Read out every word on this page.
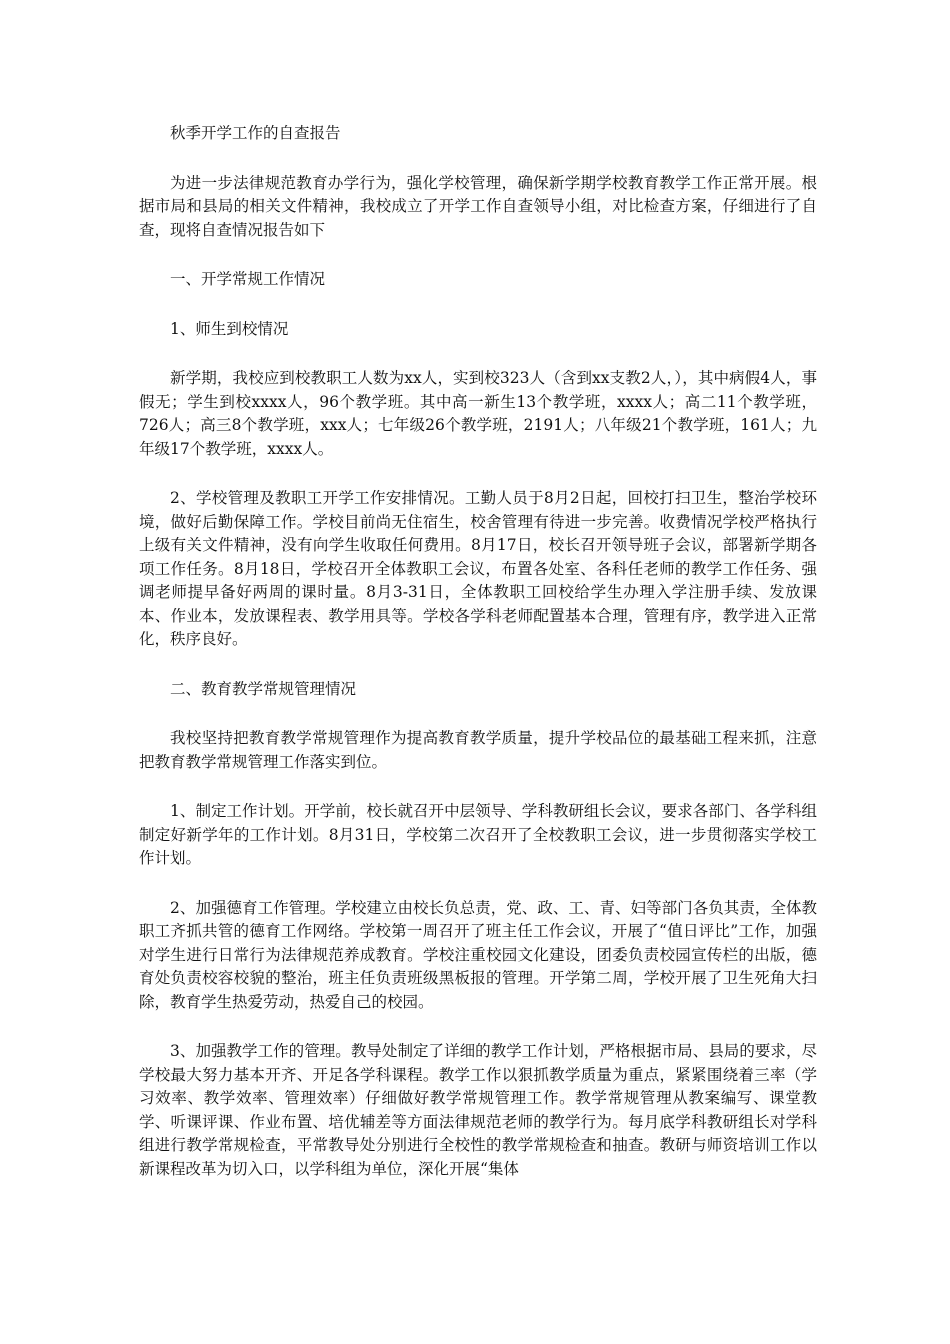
秋季开学工作的自查报告

为进一步法律规范教育办学行为，强化学校管理，确保新学期学校教育教学工作正常开展。根据市局和县局的相关文件精神，我校成立了开学工作自查领导小组，对比检查方案，仔细进行了自查，现将自查情况报告如下

一、开学常规工作情况

1、师生到校情况

新学期，我校应到校教职工人数为xx人，实到校323人（含到xx支教2人，），其中病假4人，事假无；学生到校xxxx人，96个教学班。其中高一新生13个教学班，xxxx人；高二11个教学班，726人；高三8个教学班，xxx人；七年级26个教学班，2191人；八年级21个教学班，161人；九年级17个教学班，xxxx人。

2、学校管理及教职工开学工作安排情况。工勤人员于8月2日起，回校打扫卫生，整治学校环境，做好后勤保障工作。学校目前尚无住宿生，校舍管理有待进一步完善。收费情况学校严格执行上级有关文件精神，没有向学生收取任何费用。8月17日，校长召开领导班子会议，部署新学期各项工作任务。8月18日，学校召开全体教职工会议，布置各处室、各科任老师的教学工作任务、强调老师提早备好两周的课时量。8月3-31日，全体教职工回校给学生办理入学注册手续、发放课本、作业本，发放课程表、教学用具等。学校各学科老师配置基本合理，管理有序，教学进入正常化，秩序良好。

二、教育教学常规管理情况

我校坚持把教育教学常规管理作为提高教育教学质量，提升学校品位的最基础工程来抓，注意把教育教学常规管理工作落实到位。

1、制定工作计划。开学前，校长就召开中层领导、学科教研组长会议，要求各部门、各学科组制定好新学年的工作计划。8月31日，学校第二次召开了全校教职工会议，进一步贯彻落实学校工作计划。

2、加强德育工作管理。学校建立由校长负总责，党、政、工、青、妇等部门各负其责，全体教职工齐抓共管的德育工作网络。学校第一周召开了班主任工作会议，开展了“值日评比”工作，加强对学生进行日常行为法律规范养成教育。学校注重校园文化建设，团委负责校园宣传栏的出版，德育处负责校容校貌的整治，班主任负责班级黑板报的管理。开学第二周，学校开展了卫生死角大扫除，教育学生热爱劳动，热爱自己的校园。

3、加强教学工作的管理。教导处制定了详细的教学工作计划，严格根据市局、县局的要求，尽学校最大努力基本开齐、开足各学科课程。教学工作以狠抓教学质量为重点，紧紧围绕着三率（学习效率、教学效率、管理效率）仔细做好教学常规管理工作。教学常规管理从教案编写、课堂教学、听课评课、作业布置、培优辅差等方面法律规范老师的教学行为。每月底学科教研组长对学科组进行教学常规检查，平常教导处分别进行全校性的教学常规检查和抽查。教研与师资培训工作以新课程改革为切入口，以学科组为单位，深化开展“集体
